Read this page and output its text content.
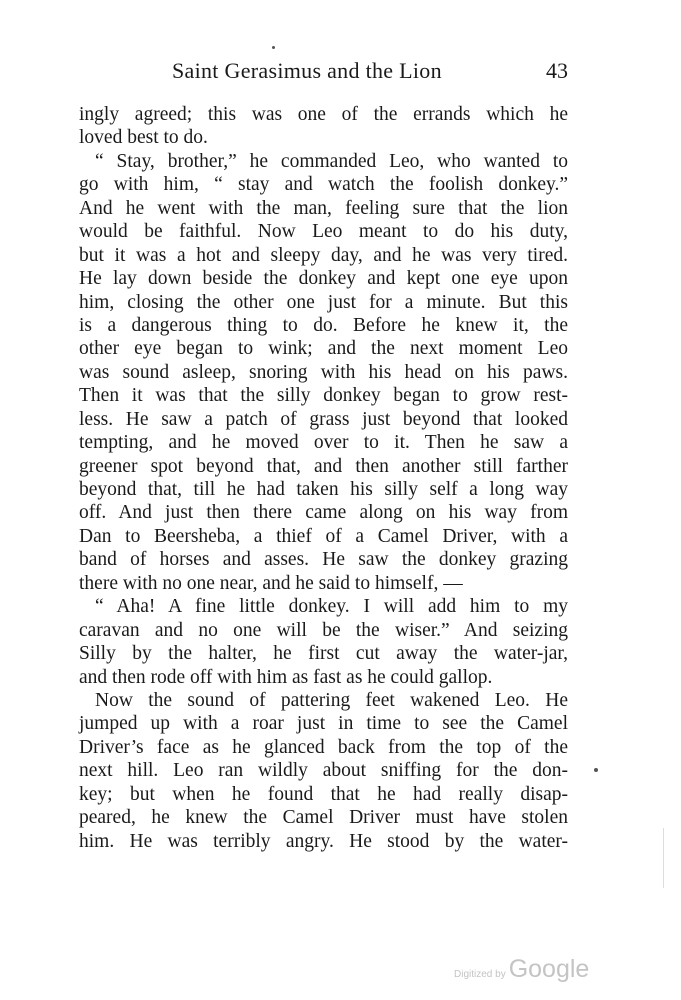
Saint Gerasimus and the Lion	43
ingly agreed; this was one of the errands which he
loved best to do.
“ Stay, brother,” he commanded Leo, who wanted to
go with him, “ stay and watch the foolish donkey.”
And he went with the man, feeling sure that the lion
would be faithful. Now Leo meant to do his duty,
but it was a hot and sleepy day, and he was very tired.
He lay down beside the donkey and kept one eye upon
him, closing the other one just for a minute. But this
is a dangerous thing to do. Before he knew it, the
other eye began to wink; and the next moment Leo
was sound asleep, snoring with his head on his paws.
Then it was that the silly donkey began to grow rest-
less. He saw a patch of grass just beyond that looked
tempting, and he moved over to it. Then he saw a
greener spot beyond that, and then another still farther
beyond that, till he had taken his silly self a long way
off. And just then there came along on his way from
Dan to Beersheba, a thief of a Camel Driver, with a
band of horses and asses. He saw the donkey grazing
there with no one near, and he said to himself, —
“ Aha! A fine little donkey. I will add him to my
caravan and no one will be the wiser.” And seizing
Silly by the halter, he first cut away the water-jar,
and then rode off with him as fast as he could gallop.
Now the sound of pattering feet wakened Leo. He
jumped up with a roar just in time to see the Camel
Driver’s face as he glanced back from the top of the
next hill. Leo ran wildly about sniffing for the don-
key; but when he found that he had really disap-
peared, he knew the Camel Driver must have stolen
him. He was terribly angry. He stood by the water-
Digitized by Google
